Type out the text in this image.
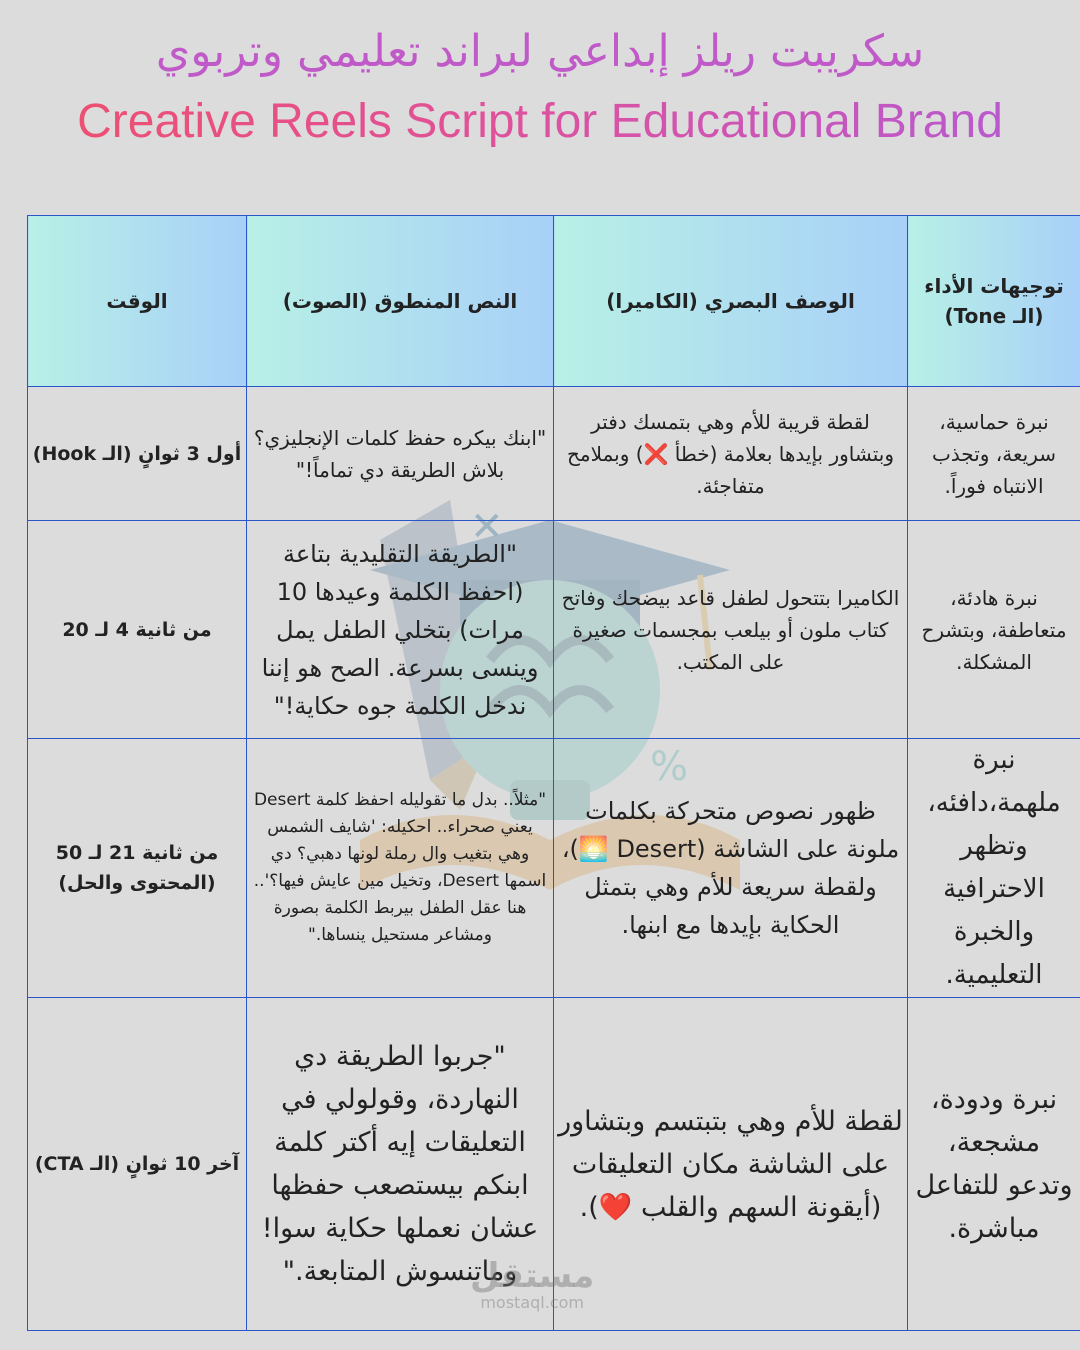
سكريبت ريلز إبداعي لبراند تعليمي وتربوي
Creative Reels Script for Educational Brand
✕
%
الوقت	النص المنطوق (الصوت)	الوصف البصري (الكاميرا)	توجيهات الأداء (الـ Tone)
أول 3 ثوانٍ (الـ Hook)	"ابنك بيكره حفظ كلمات الإنجليزي؟ بلاش الطريقة دي تماماً!"	لقطة قريبة للأم وهي بتمسك دفتر وبتشاور بإيدها بعلامة (خطأ ❌) وبملامح متفاجئة.	نبرة حماسية، سريعة، وتجذب الانتباه فوراً.
من ثانية 4 لـ 20	"الطريقة التقليدية بتاعة (احفظ الكلمة وعيدها 10 مرات) بتخلي الطفل يمل وينسى بسرعة. الصح هو إننا ندخل الكلمة جوه حكاية!"	الكاميرا بتتحول لطفل قاعد بيضحك وفاتح كتاب ملون أو بيلعب بمجسمات صغيرة على المكتب.	نبرة هادئة، متعاطفة، وبتشرح المشكلة.
من ثانية 21 لـ 50 (المحتوى والحل)	"مثلاً.. بدل ما تقوليله احفظ كلمة Desert يعني صحراء.. احكيله: 'شايف الشمس وهي بتغيب وال رملة لونها دهبي؟ دي اسمها Desert، وتخيل مين عايش فيها؟'.. هنا عقل الطفل بيربط الكلمة بصورة ومشاعر مستحيل ينساها."	ظهور نصوص متحركة بكلمات ملونة على الشاشة (Desert 🌅)، ولقطة سريعة للأم وهي بتمثل الحكاية بإيدها مع ابنها.	نبرة ملهمة،دافئه، وتظهر الاحترافية والخبرة التعليمية.
آخر 10 ثوانٍ (الـ CTA)	"جربوا الطريقة دي النهاردة، وقولولي في التعليقات إيه أكتر كلمة ابنكم بيستصعب حفظها عشان نعملها حكاية سوا! وماتنسوش المتابعة."	لقطة للأم وهي بتبتسم وبتشاور على الشاشة مكان التعليقات (أيقونة السهم والقلب ❤️).	نبرة ودودة، مشجعة، وتدعو للتفاعل مباشرة.
مستقل
mostaql.com
